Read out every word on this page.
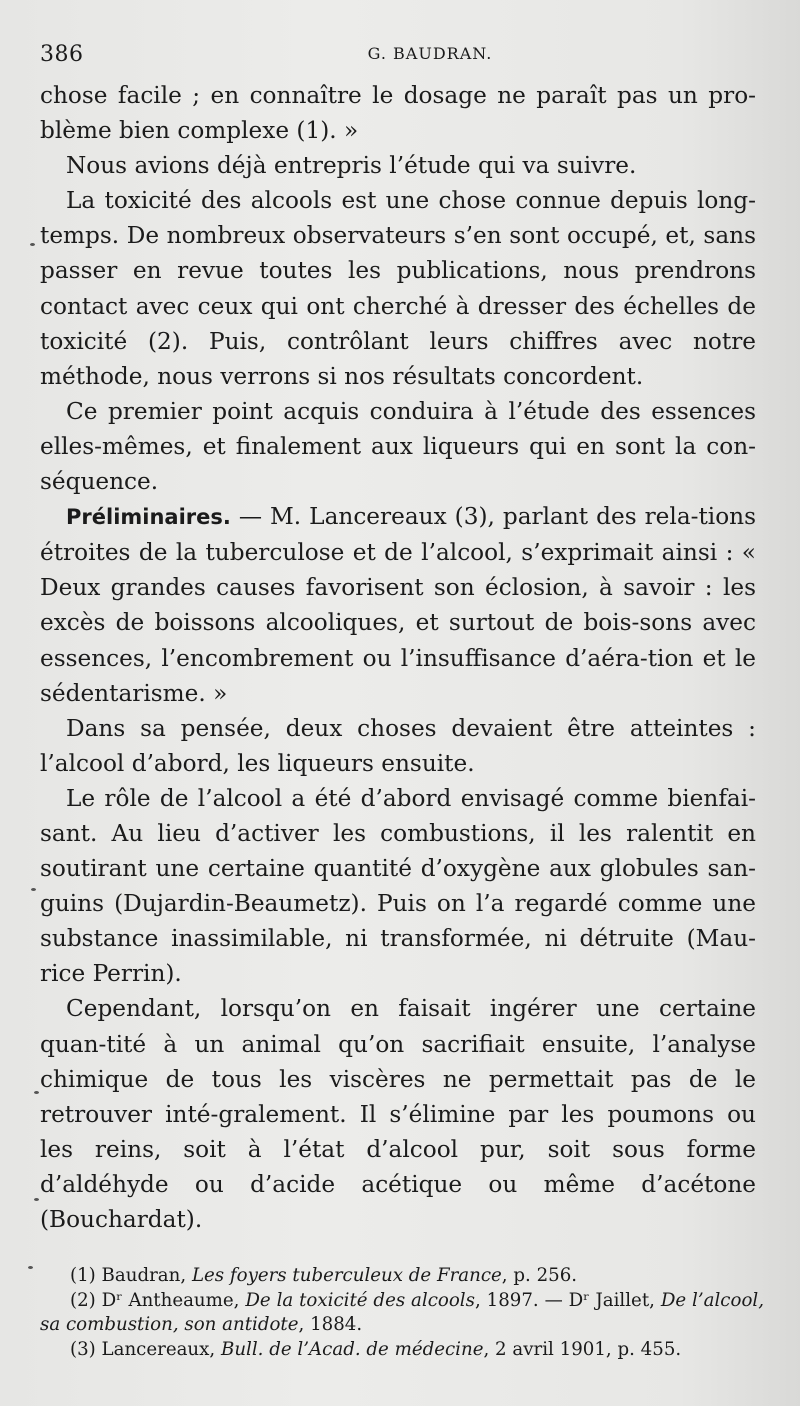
386	G. BAUDRAN.

chose facile ; en connaître le dosage ne paraît pas un pro-blème bien complexe (1). »

Nous avions déjà entrepris l’étude qui va suivre.

La toxicité des alcools est une chose connue depuis long-temps. De nombreux observateurs s’en sont occupé, et, sans passer en revue toutes les publications, nous prendrons contact avec ceux qui ont cherché à dresser des échelles de toxicité (2). Puis, contrôlant leurs chiffres avec notre méthode, nous verrons si nos résultats concordent.

Ce premier point acquis conduira à l’étude des essences elles-mêmes, et finalement aux liqueurs qui en sont la con-séquence.

Préliminaires. — M. Lancereaux (3), parlant des rela-tions étroites de la tuberculose et de l’alcool, s’exprimait ainsi : « Deux grandes causes favorisent son éclosion, à savoir : les excès de boissons alcooliques, et surtout de bois-sons avec essences, l’encombrement ou l’insuffisance d’aéra-tion et le sédentarisme. »

Dans sa pensée, deux choses devaient être atteintes : l’alcool d’abord, les liqueurs ensuite.

Le rôle de l’alcool a été d’abord envisagé comme bienfai-sant. Au lieu d’activer les combustions, il les ralentit en soutirant une certaine quantité d’oxygène aux globules san-guins (Dujardin-Beaumetz). Puis on l’a regardé comme une substance inassimilable, ni transformée, ni détruite (Mau-rice Perrin).

Cependant, lorsqu’on en faisait ingérer une certaine quan-tité à un animal qu’on sacrifiait ensuite, l’analyse chimique de tous les viscères ne permettait pas de le retrouver inté-gralement. Il s’élimine par les poumons ou les reins, soit à l’état d’alcool pur, soit sous forme d’aldéhyde ou d’acide acétique ou même d’acétone (Bouchardat).

(1) Baudran, Les foyers tuberculeux de France, p. 256.

(2) Dʳ Antheaume, De la toxicité des alcools, 1897. — Dʳ Jaillet, De l’alcool, sa combustion, son antidote, 1884.

(3) Lancereaux, Bull. de l’Acad. de médecine, 2 avril 1901, p. 455.
